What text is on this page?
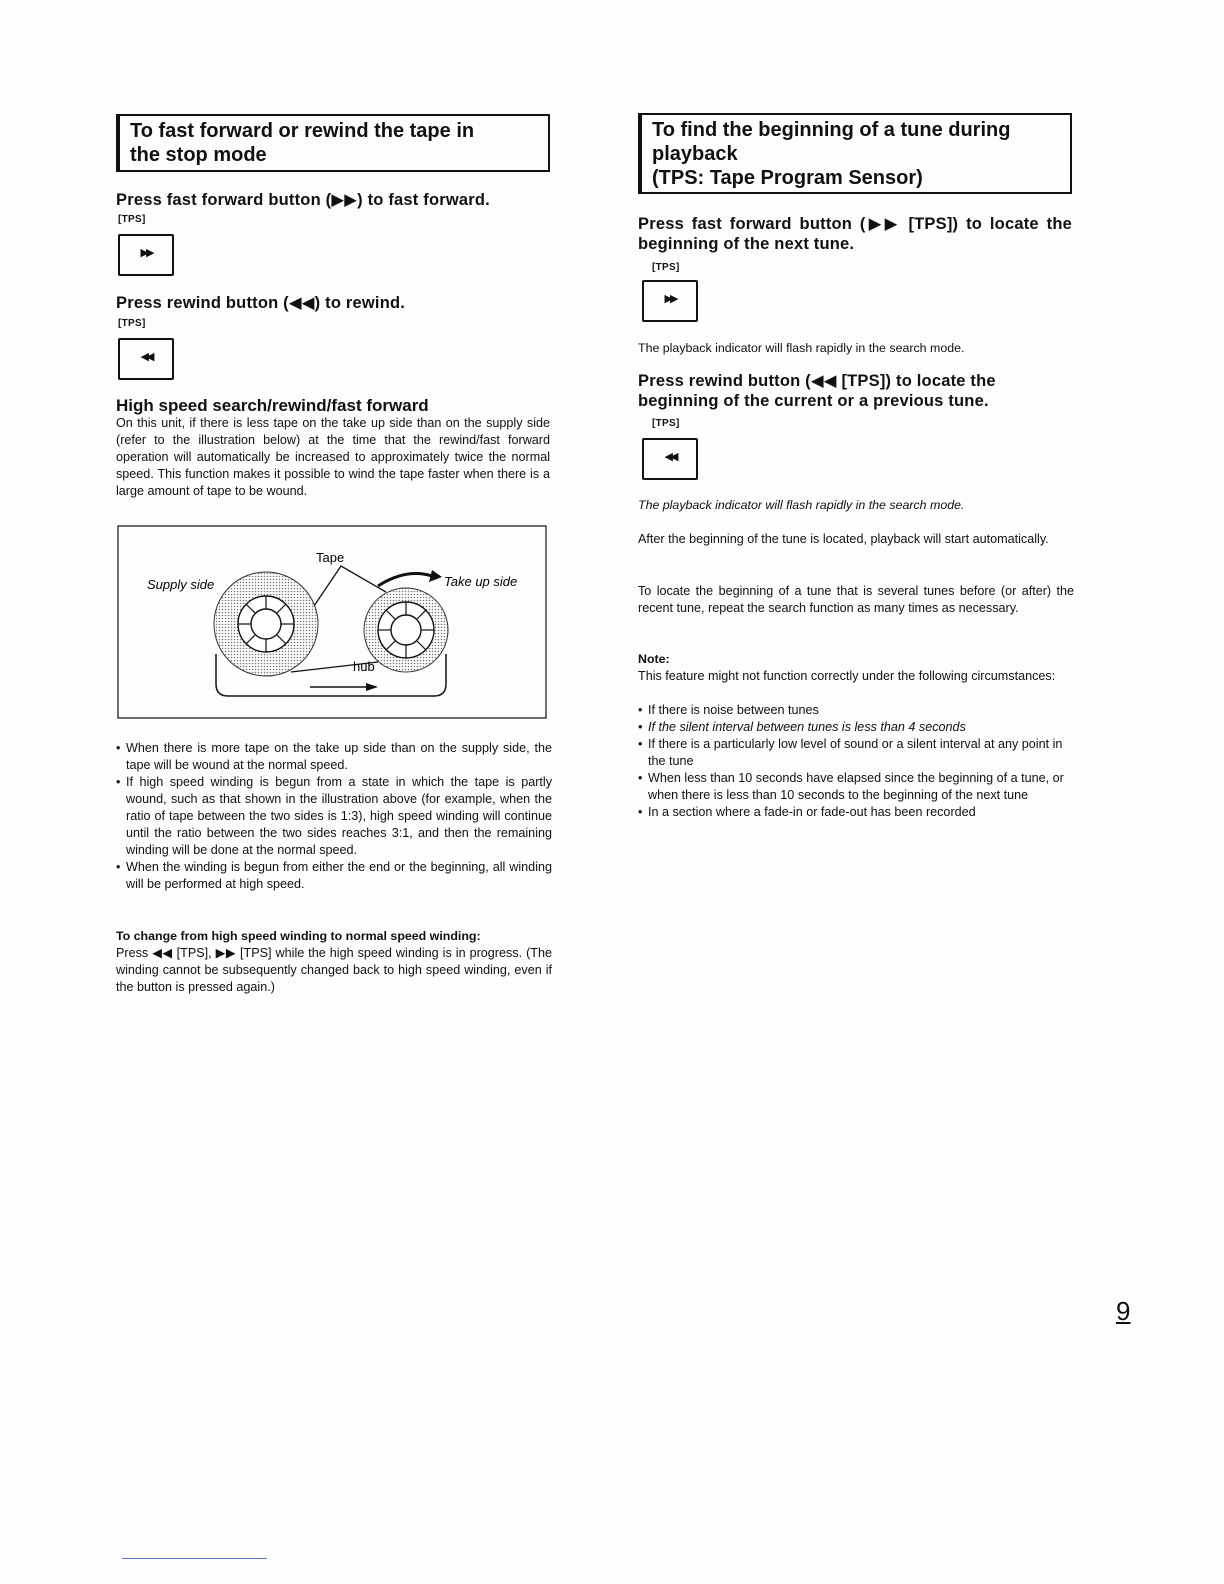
To fast forward or rewind the tape in
the stop mode
Press fast forward button (▶▶) to fast forward.
[TPS]
▶▶
Press rewind button (◀◀) to rewind.
[TPS]
◀◀
High speed search/rewind/fast forward
On this unit, if there is less tape on the take up side than on the supply side (refer to the illustration below) at the time that the rewind/fast forward operation will automatically be increased to approximately twice the normal speed. This function makes it possible to wind the tape faster when there is a large amount of tape to be wound.
Tape
Supply side	Take up side
hub
• When there is more tape on the take up side than on the supply side, the tape will be wound at the normal speed.
• If high speed winding is begun from a state in which the tape is partly wound, such as that shown in the illustration above (for example, when the ratio of tape between the two sides is 1:3), high speed winding will continue until the ratio between the two sides reaches 3:1, and then the remaining winding will be done at the normal speed.
• When the winding is begun from either the end or the beginning, all winding will be performed at high speed.
To change from high speed winding to normal speed winding:
Press ◀◀ [TPS], ▶▶ [TPS] while the high speed winding is in progress. (The winding cannot be subsequently changed back to high speed winding, even if the button is pressed again.)
To find the beginning of a tune during
playback
(TPS: Tape Program Sensor)
Press fast forward button (▶▶ [TPS]) to locate the beginning of the next tune.
[TPS]
▶▶
The playback indicator will flash rapidly in the search mode.
Press rewind button (◀◀ [TPS]) to locate the beginning of the current or a previous tune.
[TPS]
◀◀
The playback indicator will flash rapidly in the search mode.
After the beginning of the tune is located, playback will start automatically.
To locate the beginning of a tune that is several tunes before (or after) the recent tune, repeat the search function as many times as necessary.
Note:
This feature might not function correctly under the following circumstances:
• If there is noise between tunes
• If the silent interval between tunes is less than 4 seconds
• If there is a particularly low level of sound or a silent interval at any point in the tune
• When less than 10 seconds have elapsed since the beginning of a tune, or when there is less than 10 seconds to the beginning of the next tune
• In a section where a fade-in or fade-out has been recorded
9
